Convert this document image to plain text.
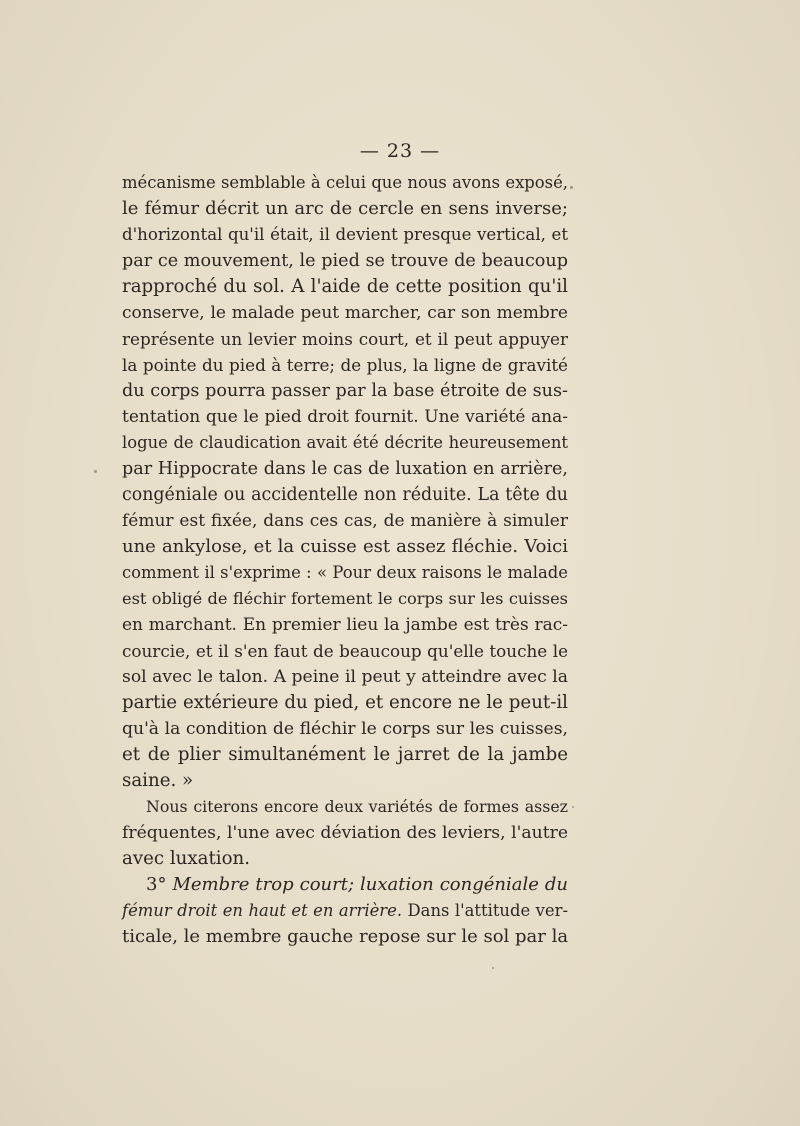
— 23 —
mécanisme semblable à celui que nous avons exposé,
le fémur décrit un arc de cercle en sens inverse;
d'horizontal qu'il était, il devient presque vertical, et
par ce mouvement, le pied se trouve de beaucoup
rapproché du sol. A l'aide de cette position qu'il
conserve, le malade peut marcher, car son membre
représente un levier moins court, et il peut appuyer
la pointe du pied à terre; de plus, la ligne de gravité
du corps pourra passer par la base étroite de sus-
tentation que le pied droit fournit. Une variété ana-
logue de claudication avait été décrite heureusement
par Hippocrate dans le cas de luxation en arrière,
congéniale ou accidentelle non réduite. La tête du
fémur est fixée, dans ces cas, de manière à simuler
une ankylose, et la cuisse est assez fléchie. Voici
comment il s'exprime : « Pour deux raisons le malade
est obligé de fléchir fortement le corps sur les cuisses
en marchant. En premier lieu la jambe est très rac-
courcie, et il s'en faut de beaucoup qu'elle touche le
sol avec le talon. A peine il peut y atteindre avec la
partie extérieure du pied, et encore ne le peut-il
qu'à la condition de fléchir le corps sur les cuisses,
et de plier simultanément le jarret de la jambe
saine. »
Nous citerons encore deux variétés de formes assez
fréquentes, l'une avec déviation des leviers, l'autre
avec luxation.
3° Membre trop court; luxation congéniale du
fémur droit en haut et en arrière. Dans l'attitude ver-
ticale, le membre gauche repose sur le sol par la
